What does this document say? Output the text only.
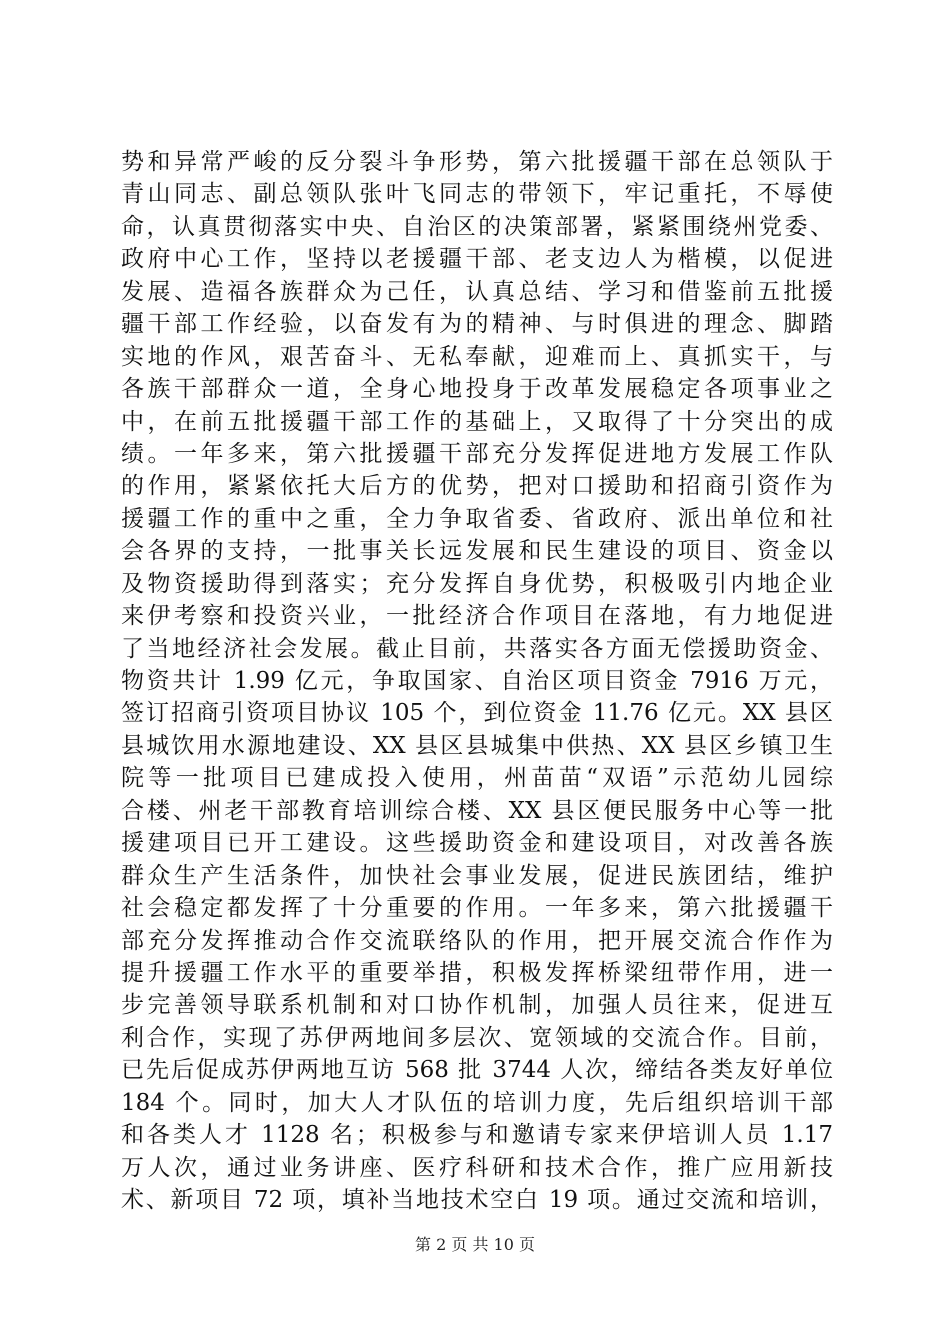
势和异常严峻的反分裂斗争形势，第六批援疆干部在总领队于
青山同志、副总领队张叶飞同志的带领下，牢记重托，不辱使
命，认真贯彻落实中央、自治区的决策部署，紧紧围绕州党委、
政府中心工作，坚持以老援疆干部、老支边人为楷模，以促进
发展、造福各族群众为己任，认真总结、学习和借鉴前五批援
疆干部工作经验，以奋发有为的精神、与时俱进的理念、脚踏
实地的作风，艰苦奋斗、无私奉献，迎难而上、真抓实干，与
各族干部群众一道，全身心地投身于改革发展稳定各项事业之
中，在前五批援疆干部工作的基础上，又取得了十分突出的成
绩。一年多来，第六批援疆干部充分发挥促进地方发展工作队
的作用，紧紧依托大后方的优势，把对口援助和招商引资作为
援疆工作的重中之重，全力争取省委、省政府、派出单位和社
会各界的支持，一批事关长远发展和民生建设的项目、资金以
及物资援助得到落实；充分发挥自身优势，积极吸引内地企业
来伊考察和投资兴业，一批经济合作项目在落地，有力地促进
了当地经济社会发展。截止目前，共落实各方面无偿援助资金、
物资共计 1.99 亿元，争取国家、自治区项目资金 7916 万元，
签订招商引资项目协议 105 个，到位资金 11.76 亿元。XX 县区
县城饮用水源地建设、XX 县区县城集中供热、XX 县区乡镇卫生
院等一批项目已建成投入使用，州苗苗“双语”示范幼儿园综
合楼、州老干部教育培训综合楼、XX 县区便民服务中心等一批
援建项目已开工建设。这些援助资金和建设项目，对改善各族
群众生产生活条件，加快社会事业发展，促进民族团结，维护
社会稳定都发挥了十分重要的作用。一年多来，第六批援疆干
部充分发挥推动合作交流联络队的作用，把开展交流合作作为
提升援疆工作水平的重要举措，积极发挥桥梁纽带作用，进一
步完善领导联系机制和对口协作机制，加强人员往来，促进互
利合作，实现了苏伊两地间多层次、宽领域的交流合作。目前，
已先后促成苏伊两地互访 568 批 3744 人次，缔结各类友好单位
184 个。同时，加大人才队伍的培训力度，先后组织培训干部
和各类人才 1128 名；积极参与和邀请专家来伊培训人员 1.17
万人次，通过业务讲座、医疗科研和技术合作，推广应用新技
术、新项目 72 项，填补当地技术空白 19 项。通过交流和培训，
第 2 页 共 10 页
